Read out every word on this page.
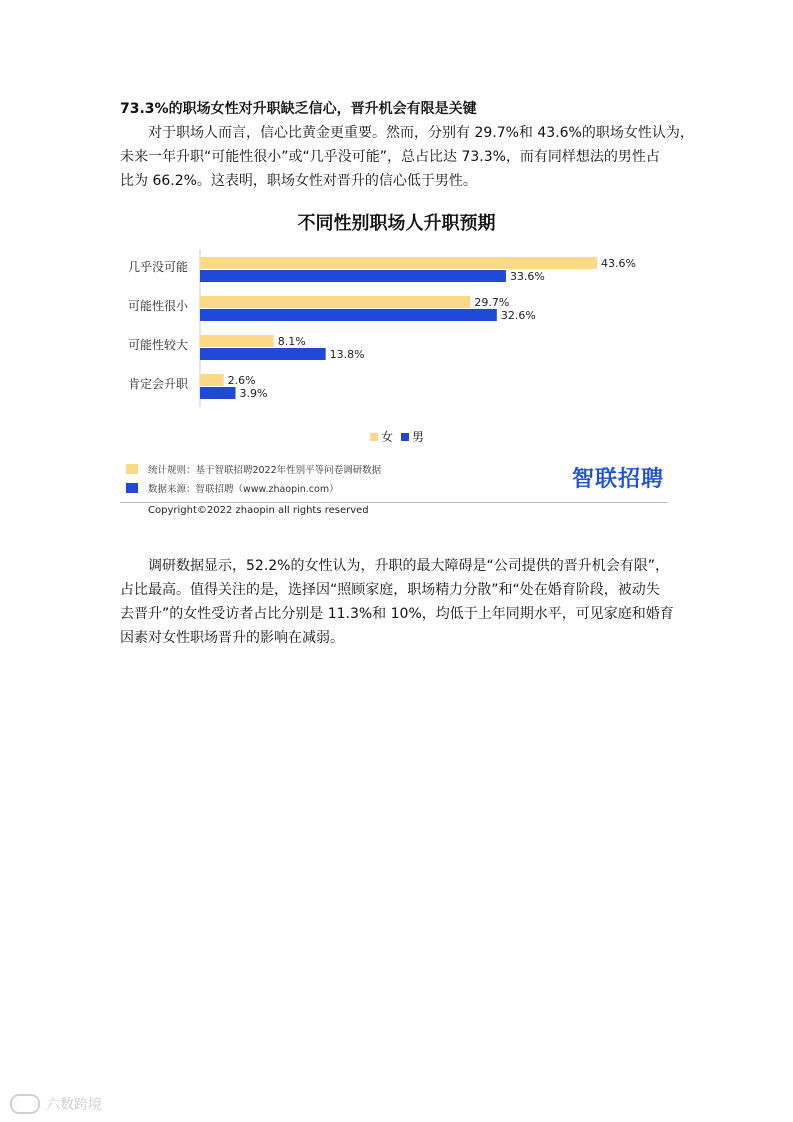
73.3%的职场女性对升职缺乏信心，晋升机会有限是关键
对于职场人而言，信心比黄金更重要。然而，分别有 29.7%和 43.6%的职场女性认为，
未来一年升职“可能性很小”或“几乎没可能”，总占比达 73.3%，而有同样想法的男性占
比为 66.2%。这表明，职场女性对晋升的信心低于男性。
不同性别职场人升职预期
几乎没可能	43.6%
33.6%
可能性很小	29.7%
32.6%
可能性较大	8.1%
13.8%
肯定会升职	2.6%
3.9%
女 男
统计规则：基于智联招聘2022年性别平等问卷调研数据
数据来源：智联招聘（www.zhaopin.com）	智联招聘
Copyright©2022 zhaopin all rights reserved
调研数据显示，52.2%的女性认为，升职的最大障碍是“公司提供的晋升机会有限”，
占比最高。值得关注的是，选择因“照顾家庭，职场精力分散”和“处在婚育阶段，被动失
去晋升”的女性受访者占比分别是 11.3%和 10%，均低于上年同期水平，可见家庭和婚育
因素对女性职场晋升的影响在减弱。
六数跨境
